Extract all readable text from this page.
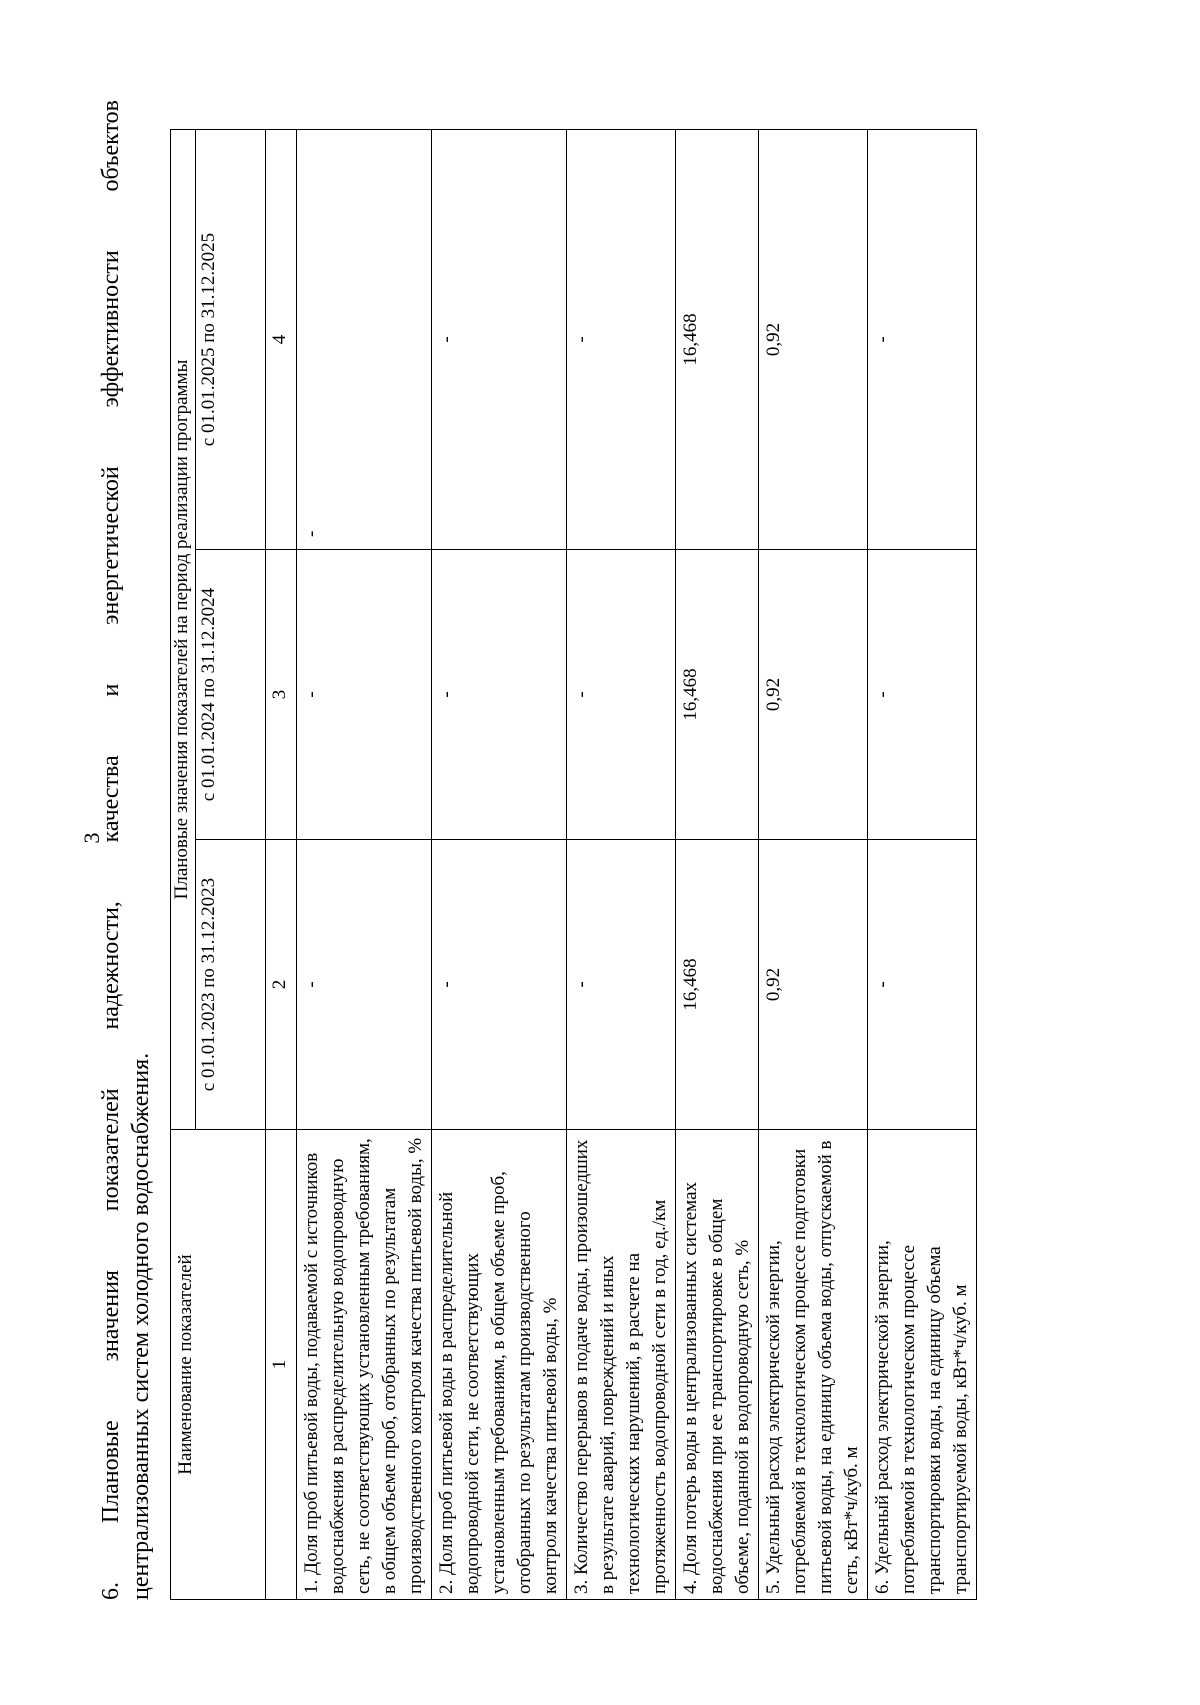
3
6. Плановые значения показателей надежности, качества и энергетической эффективности объектов централизованных систем холодного водоснабжения. Наименование показателей	Плановые значения показателей на период реализации программы		
	с 01.01.2023 по 31.12.2023	с 01.01.2024 по 31.12.2024	с 01.01.2025 по 31.12.2025
1	2	3	4
1. Доля проб питьевой воды, подаваемой с источников водоснабжения в распределительную водопроводную сеть, не соответствующих установленным требованиям, в общем объеме проб, отобранных по результатам производственного контроля качества питьевой воды, %	-	-	-
2. Доля проб питьевой воды в распределительной водопроводной сети, не соответствующих установленным требованиям, в общем объеме проб, отобранных по результатам производственного контроля качества питьевой воды, %	-	-	-
3. Количество перерывов в подаче воды, произошедших в результате аварий, повреждений и иных технологических нарушений, в расчете на протяженность водопроводной сети в год, ед./км	-	-	-
4. Доля потерь воды в централизованных системах водоснабжения при ее транспортировке в общем объеме, поданной в водопроводную сеть, %	16,468	16,468	16,468
5. Удельный расход электрической энергии, потребляемой в технологическом процессе подготовки питьевой воды, на единицу объема воды, отпускаемой в сеть, кВт*ч/куб. м	0,92	0,92	0,92
6. Удельный расход электрической энергии, потребляемой в технологическом процессе транспортировки воды, на единицу объема транспортируемой воды, кВт*ч/куб. м	-	-	-
